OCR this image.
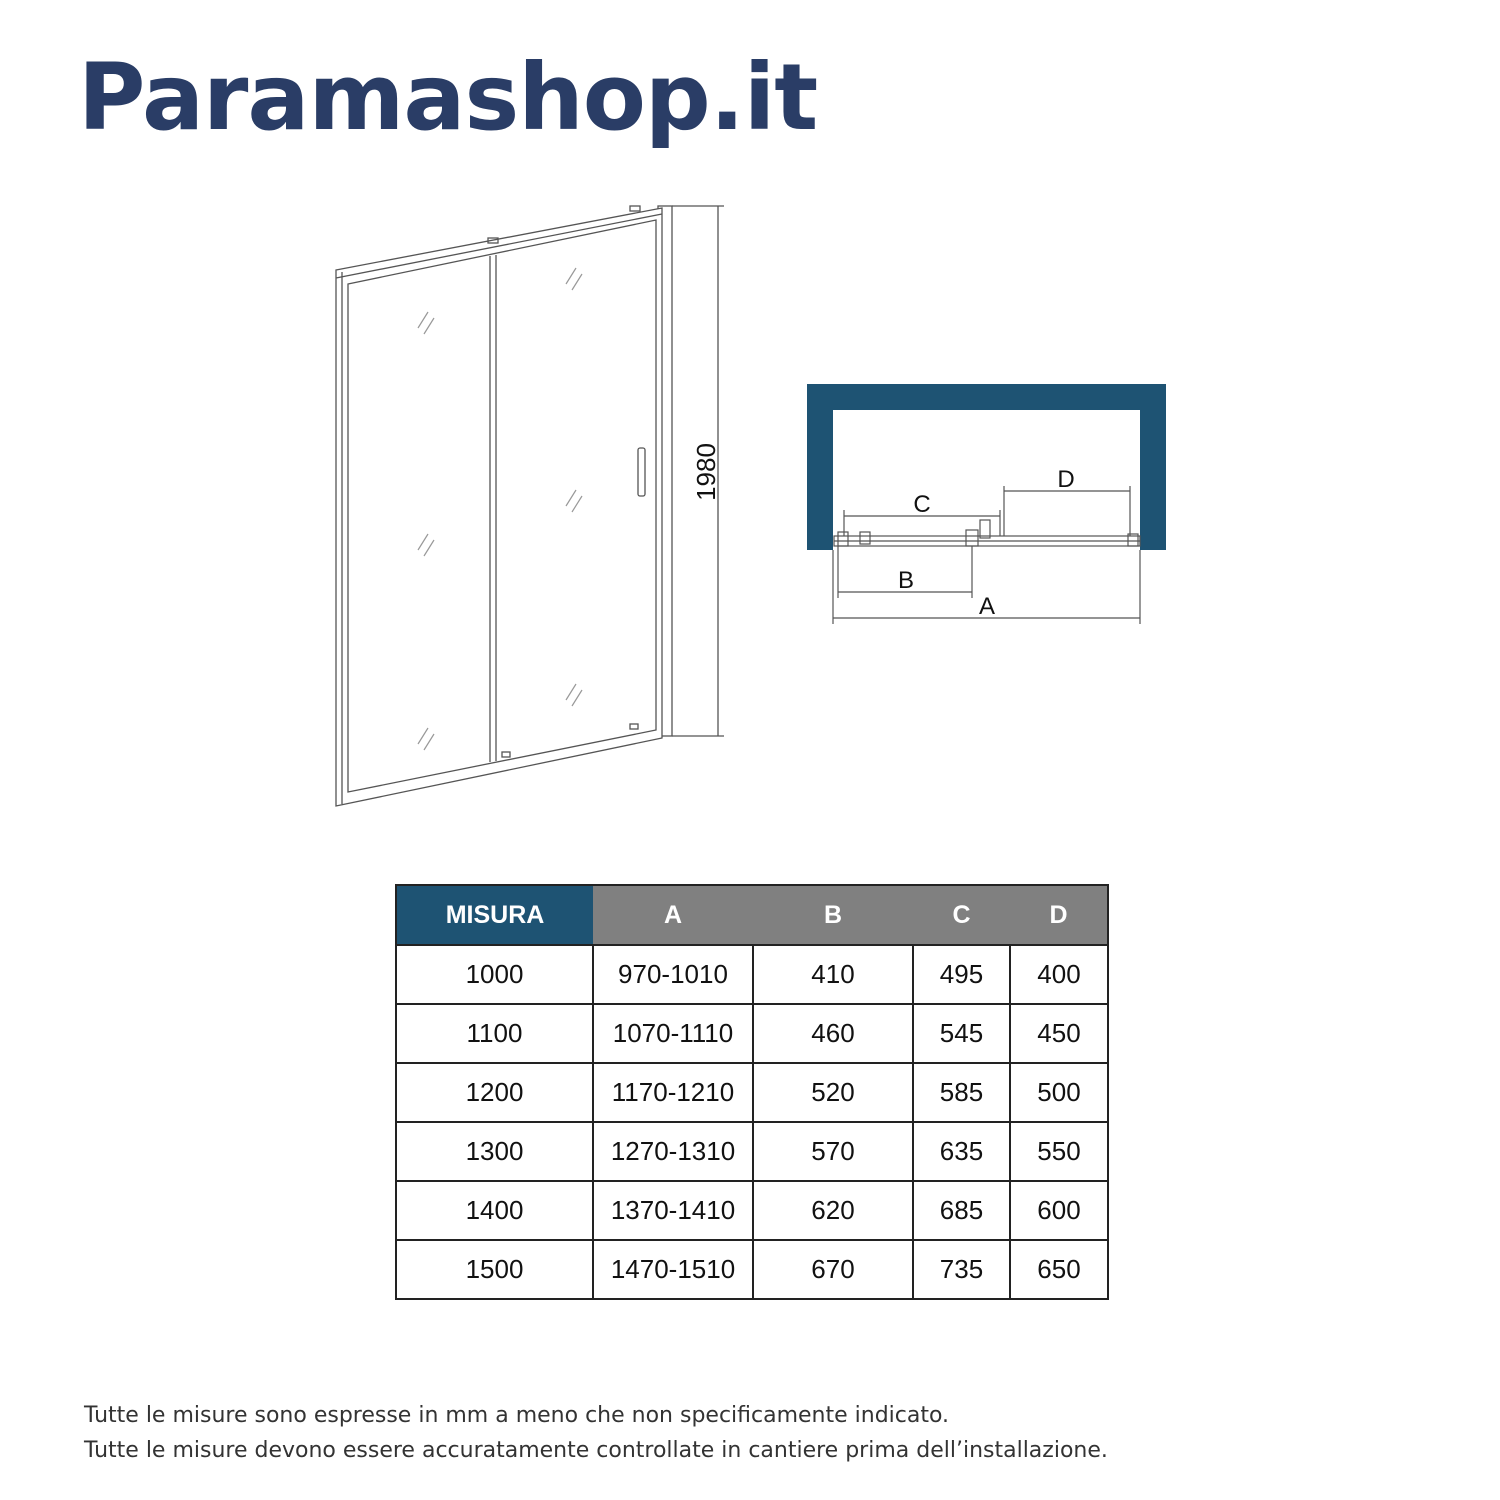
Paramashop.it
1980
C
D
B
A
MISURA	A	B	C	D
1000	970-1010	410	495	400
1100	1070-1110	460	545	450
1200	1170-1210	520	585	500
1300	1270-1310	570	635	550
1400	1370-1410	620	685	600
1500	1470-1510	670	735	650

Tutte le misure sono espresse in mm a meno che non specificamente indicato.

Tutte le misure devono essere accuratamente controllate in cantiere prima dell’installazione.
